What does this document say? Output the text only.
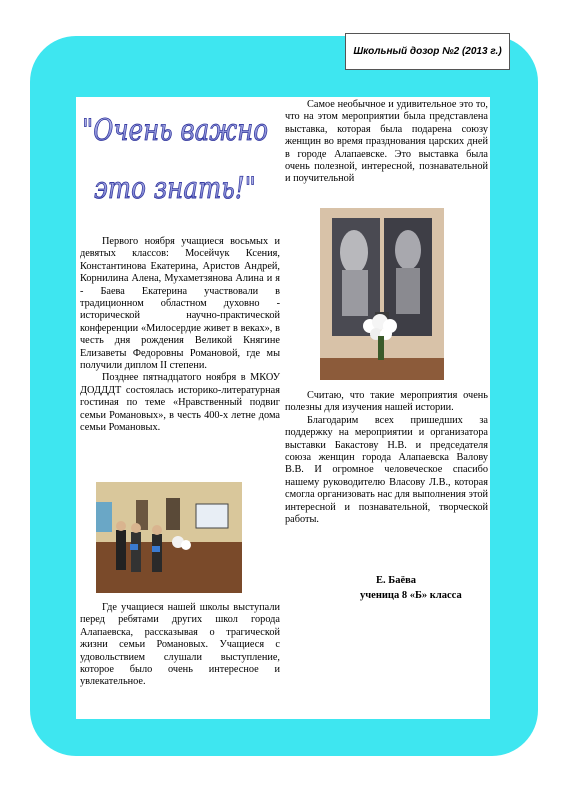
Школьный дозор №2 (2013 г.)
"Очень важно
это знать!"

Первого ноября учащиеся восьмых и девятых классов: Мосейчук Ксения, Константинова Екатерина, Аристов Андрей, Корнилина Алена, Мухаметзянова Алина и я - Баева Екатерина участвовали в традиционном областном духовно - исторической научно-практической конференции «Милосердие живет в веках», в честь дня рождения Великой Княгине Елизаветы Федоровны Романовой, где мы получили диплом II степени.

Позднее пятнадцатого ноября в МКОУ ДОДДДТ состоялась историко-литературная гостиная по теме «Нравственный подвиг семьи Романовых», в честь 400-х летне дома семьи Романовых.

Где учащиеся нашей школы выступали перед ребятами других школ города Алапаевска, рассказывая о трагической жизни семьи Романовых. Учащиеся с удовольствием слушали выступление, которое было очень интересное и увлекательное.

Самое необычное и удивительное это то, что на этом мероприятии была представлена выставка, которая была подарена союзу женщин во время празднования царских дней в городе Алапаевске. Это выставка была очень полезной, интересной, познавательной и поучительной

Считаю, что такие мероприятия очень полезны для изучения нашей истории.

Благодарим всех пришедших за поддержку на мероприятии и организатора выставки Бакастову Н.В. и председателя союза женщин города Алапаевска Валову В.В. И огромное человеческое спасибо нашему руководителю Власову Л.В., которая смогла организовать нас для выполнения этой интересной и познавательной, творческой работы.

Е. Баёва
ученица 8 «Б» класса
